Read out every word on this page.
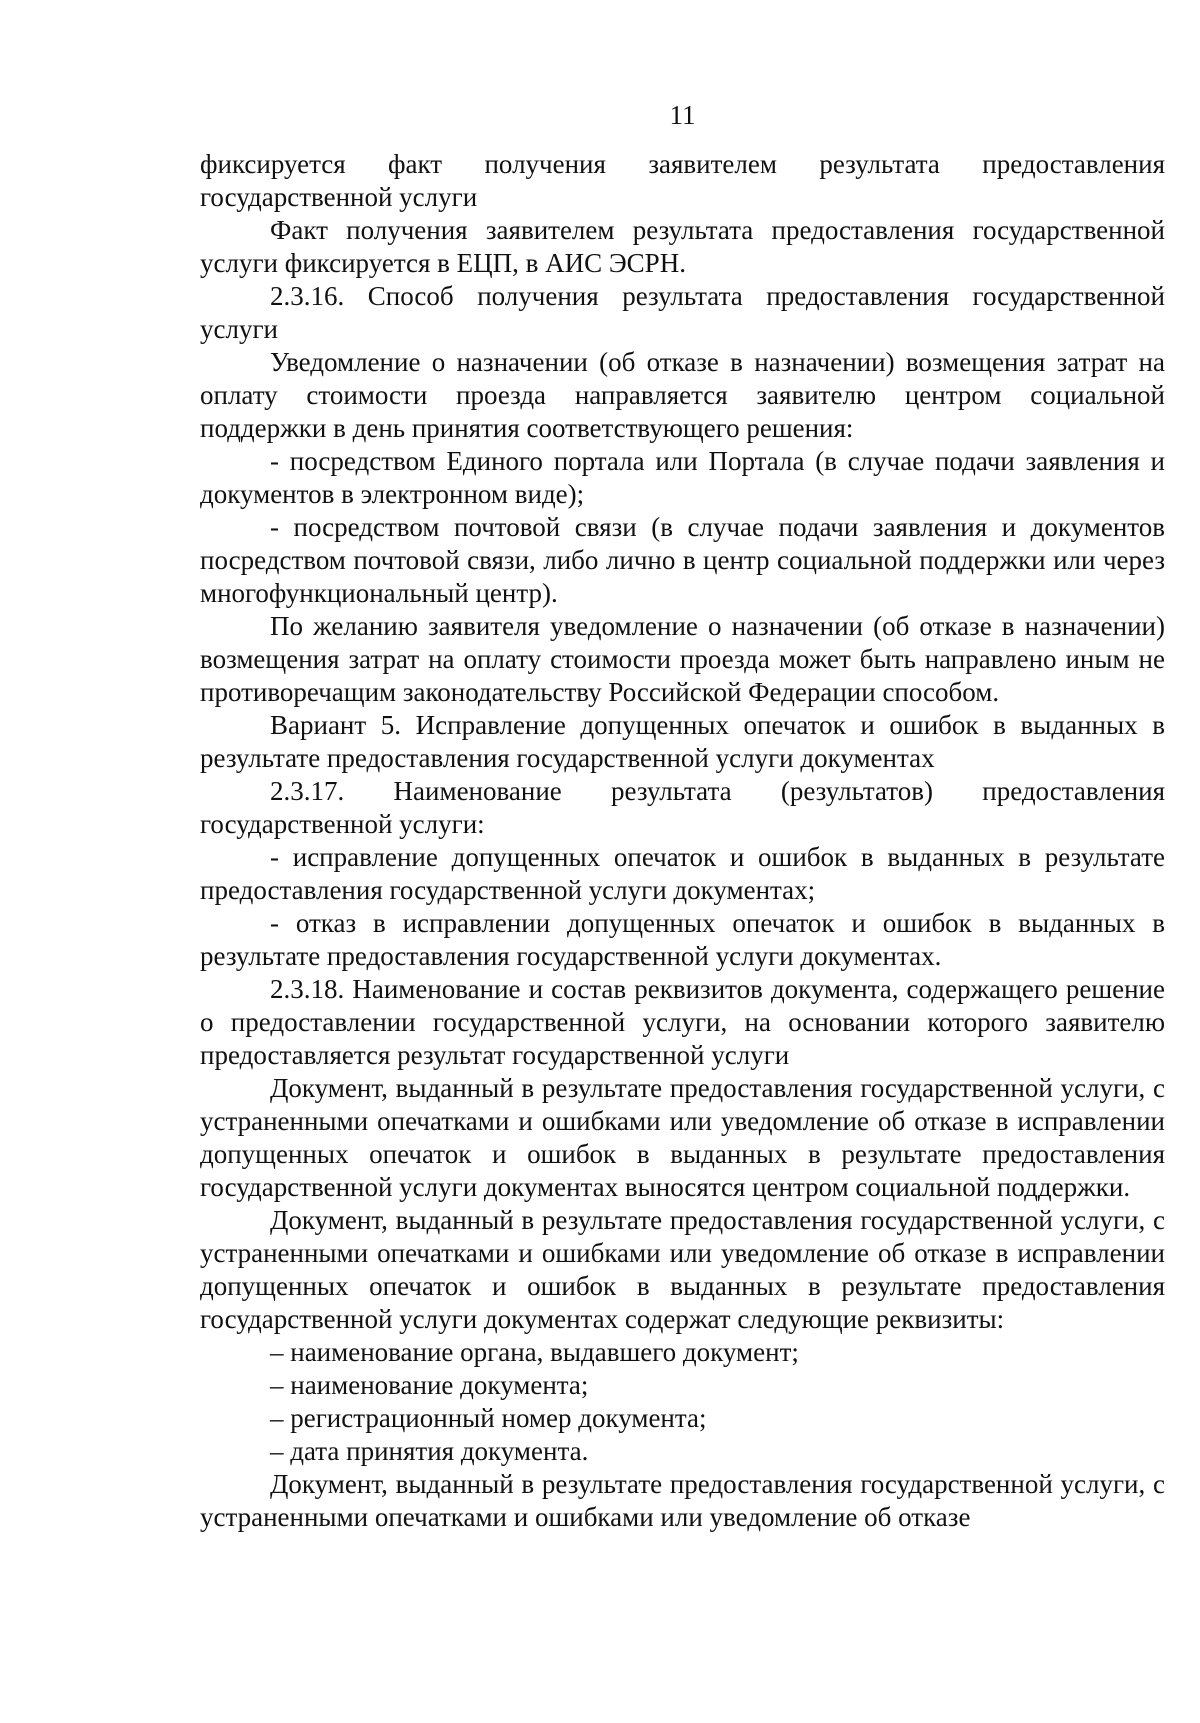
11

фиксируется факт получения заявителем результата предоставления государственной услуги

Факт получения заявителем результата предоставления государственной услуги фиксируется в ЕЦП, в АИС ЭСРН.

2.3.16. Способ получения результата предоставления государственной услуги

Уведомление о назначении (об отказе в назначении) возмещения затрат на оплату стоимости проезда направляется заявителю центром социальной поддержки в день принятия соответствующего решения:

- посредством Единого портала или Портала (в случае подачи заявления и документов в электронном виде);

- посредством почтовой связи (в случае подачи заявления и документов посредством почтовой связи, либо лично в центр социальной поддержки или через многофункциональный центр).

По желанию заявителя уведомление о назначении (об отказе в назначении) возмещения затрат на оплату стоимости проезда может быть направлено иным не противоречащим законодательству Российской Федерации способом.

Вариант 5. Исправление допущенных опечаток и ошибок в выданных в результате предоставления государственной услуги документах

2.3.17. Наименование результата (результатов) предоставления государственной услуги:

- исправление допущенных опечаток и ошибок в выданных в результате предоставления государственной услуги документах;

- отказ в исправлении допущенных опечаток и ошибок в выданных в результате предоставления государственной услуги документах.

2.3.18. Наименование и состав реквизитов документа, содержащего решение о предоставлении государственной услуги, на основании которого заявителю предоставляется результат государственной услуги

Документ, выданный в результате предоставления государственной услуги, с устраненными опечатками и ошибками или уведомление об отказе в исправлении допущенных опечаток и ошибок в выданных в результате предоставления государственной услуги документах выносятся центром социальной поддержки.

Документ, выданный в результате предоставления государственной услуги, с устраненными опечатками и ошибками или уведомление об отказе в исправлении допущенных опечаток и ошибок в выданных в результате предоставления государственной услуги документах содержат следующие реквизиты:

– наименование органа, выдавшего документ;

– наименование документа;

– регистрационный номер документа;

– дата принятия документа.

Документ, выданный в результате предоставления государственной услуги, с устраненными опечатками и ошибками или уведомление об отказе
